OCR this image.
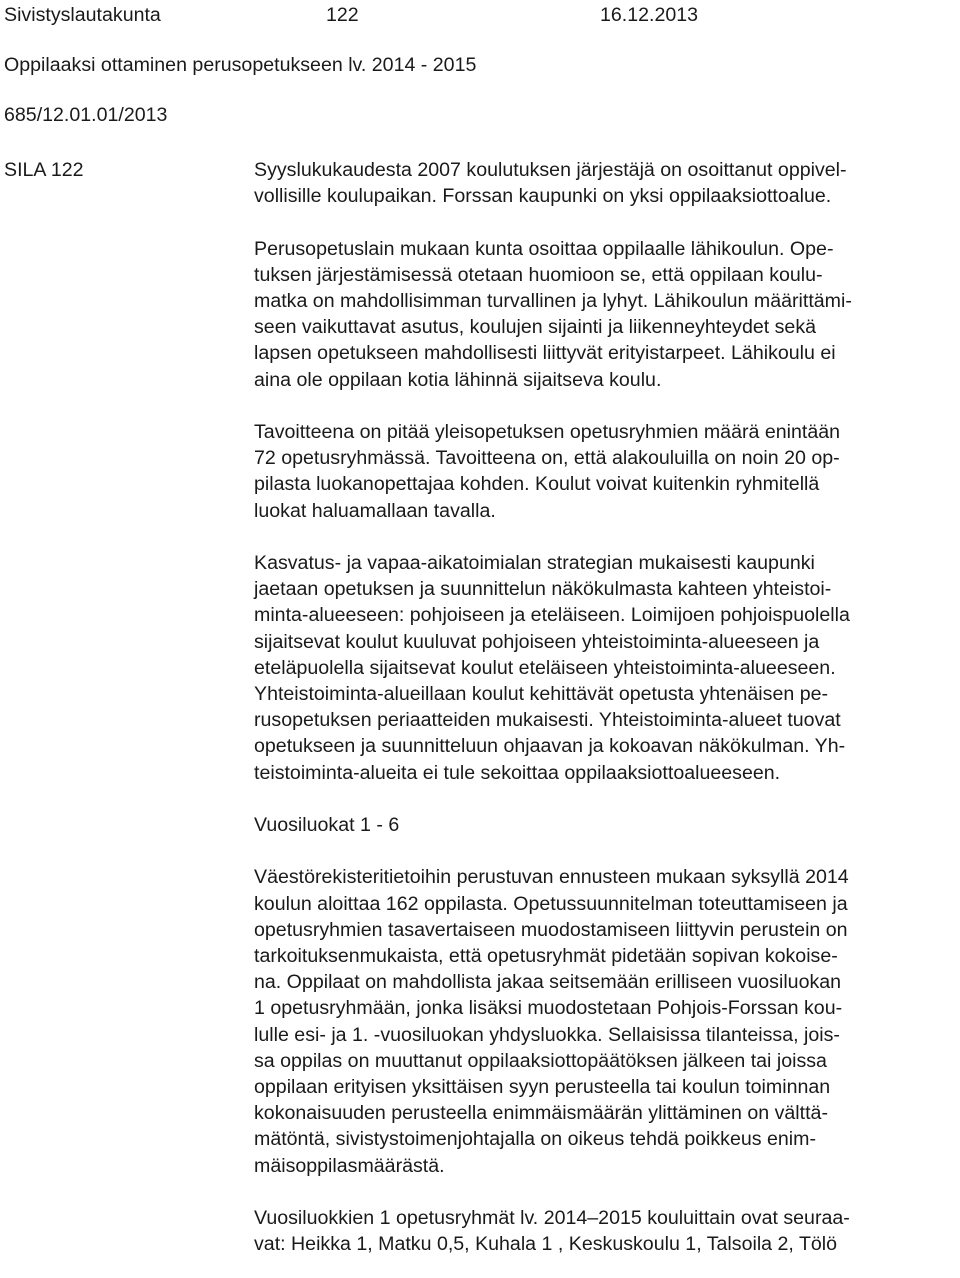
Sivistyslautakunta	122	16.12.2013
Oppilaaksi ottaminen perusopetukseen lv. 2014 - 2015
685/12.01.01/2013
SILA 122	Syyslukukaudesta 2007 koulutuksen järjestäjä on osoittanut oppivel-
vollisille koulupaikan. Forssan kaupunki on yksi oppilaaksiottoalue.

Perusopetuslain mukaan kunta osoittaa oppilaalle lähikoulun. Ope-
tuksen järjestämisessä otetaan huomioon se, että oppilaan koulu-
matka on mahdollisimman turvallinen ja lyhyt. Lähikoulun määrittämi-
seen vaikuttavat asutus, koulujen sijainti ja liikenneyhteydet sekä
lapsen opetukseen mahdollisesti liittyvät erityistarpeet. Lähikoulu ei
aina ole oppilaan kotia lähinnä sijaitseva koulu.

Tavoitteena on pitää yleisopetuksen opetusryhmien määrä enintään
72 opetusryhmässä. Tavoitteena on, että alakouluilla on noin 20 op-
pilasta luokanopettajaa kohden. Koulut voivat kuitenkin ryhmitellä
luokat haluamallaan tavalla.

Kasvatus- ja vapaa-aikatoimialan strategian mukaisesti kaupunki
jaetaan opetuksen ja suunnittelun näkökulmasta kahteen yhteistoi-
minta-alueeseen: pohjoiseen ja eteläiseen. Loimijoen pohjoispuolella
sijaitsevat koulut kuuluvat pohjoiseen yhteistoiminta-alueeseen ja
eteläpuolella sijaitsevat koulut eteläiseen yhteistoiminta-alueeseen.
Yhteistoiminta-alueillaan koulut kehittävät opetusta yhtenäisen pe-
rusopetuksen periaatteiden mukaisesti. Yhteistoiminta-alueet tuovat
opetukseen ja suunnitteluun ohjaavan ja kokoavan näkökulman. Yh-
teistoiminta-alueita ei tule sekoittaa oppilaaksiottoalueeseen.

Vuosiluokat 1 - 6

Väestörekisteritietoihin perustuvan ennusteen mukaan syksyllä 2014
koulun aloittaa 162 oppilasta. Opetussuunnitelman toteuttamiseen ja
opetusryhmien tasavertaiseen muodostamiseen liittyvin perustein on
tarkoituksenmukaista, että opetusryhmät pidetään sopivan kokoise-
na. Oppilaat on mahdollista jakaa seitsemään erilliseen vuosiluokan
1 opetusryhmään, jonka lisäksi muodostetaan Pohjois-Forssan kou-
lulle esi- ja 1. -vuosiluokan yhdysluokka. Sellaisissa tilanteissa, jois-
sa oppilas on muuttanut oppilaaksiottopäätöksen jälkeen tai joissa
oppilaan erityisen yksittäisen syyn perusteella tai koulun toiminnan
kokonaisuuden perusteella enimmäismäärän ylittäminen on välttä-
mätöntä, sivistystoimenjohtajalla on oikeus tehdä poikkeus enim-
mäisoppilasmäärästä.

Vuosiluokkien 1 opetusryhmät lv. 2014–2015 kouluittain ovat seuraa-
vat: Heikka 1, Matku 0,5, Kuhala 1 , Keskuskoulu 1, Talsoila 2, Tölö
